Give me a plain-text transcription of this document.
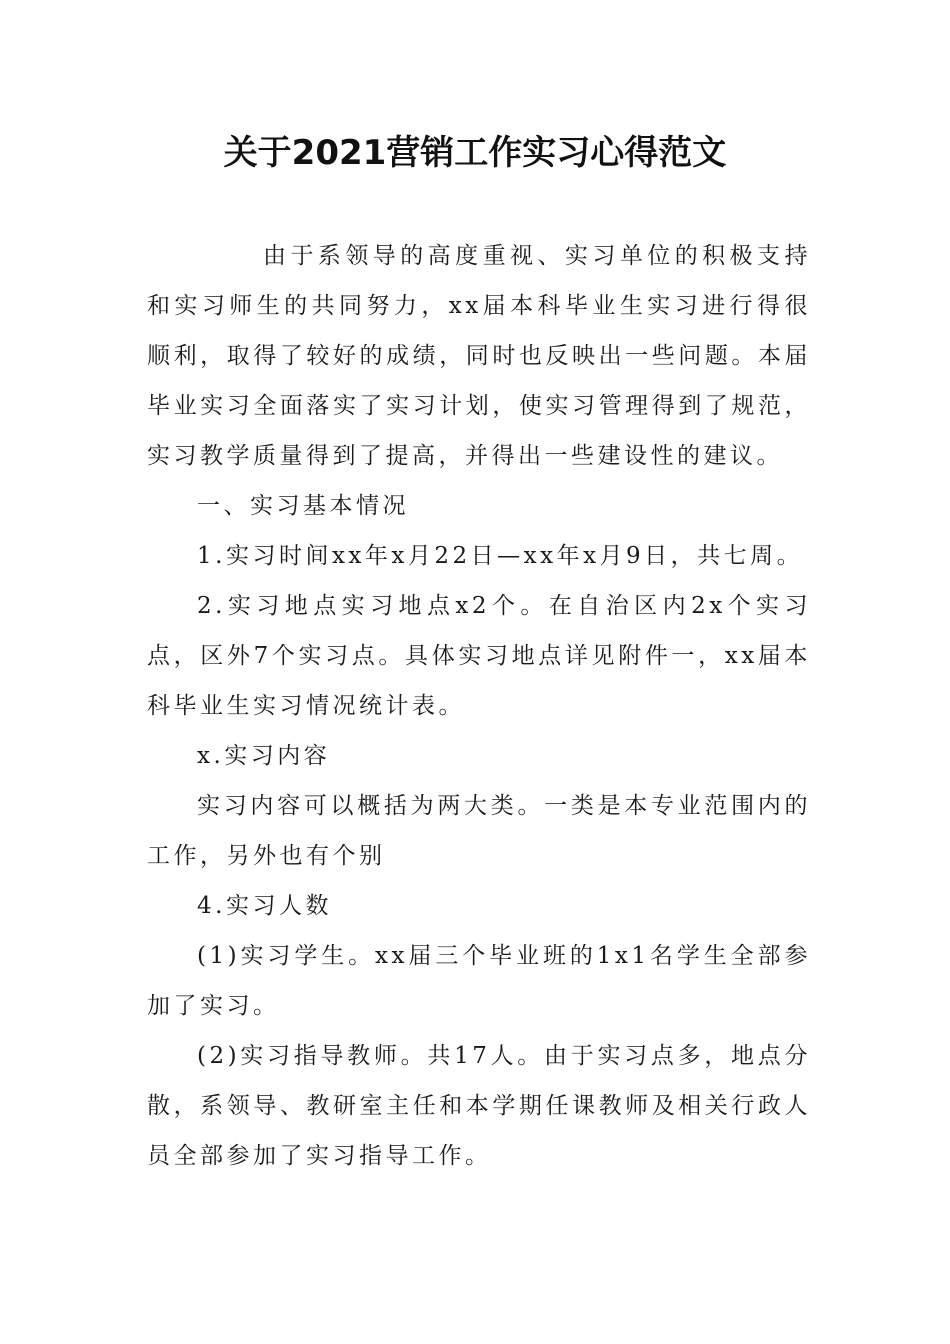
关于2021营销工作实习心得范文

由于系领导的高度重视、实习单位的积极支持和实习师生的共同努力，xx届本科毕业生实习进行得很顺利，取得了较好的成绩，同时也反映出一些问题。本届毕业实习全面落实了实习计划，使实习管理得到了规范，实习教学质量得到了提高，并得出一些建设性的建议。

一、实习基本情况

1.实习时间xx年x月22日—xx年x月9日，共七周。

2.实习地点实习地点x2个。在自治区内2x个实习点，区外7个实习点。具体实习地点详见附件一，xx届本科毕业生实习情况统计表。

x.实习内容

实习内容可以概括为两大类。一类是本专业范围内的工作，另外也有个别

4.实习人数

(1)实习学生。xx届三个毕业班的1x1名学生全部参加了实习。

(2)实习指导教师。共17人。由于实习点多，地点分散，系领导、教研室主任和本学期任课教师及相关行政人员全部参加了实习指导工作。
